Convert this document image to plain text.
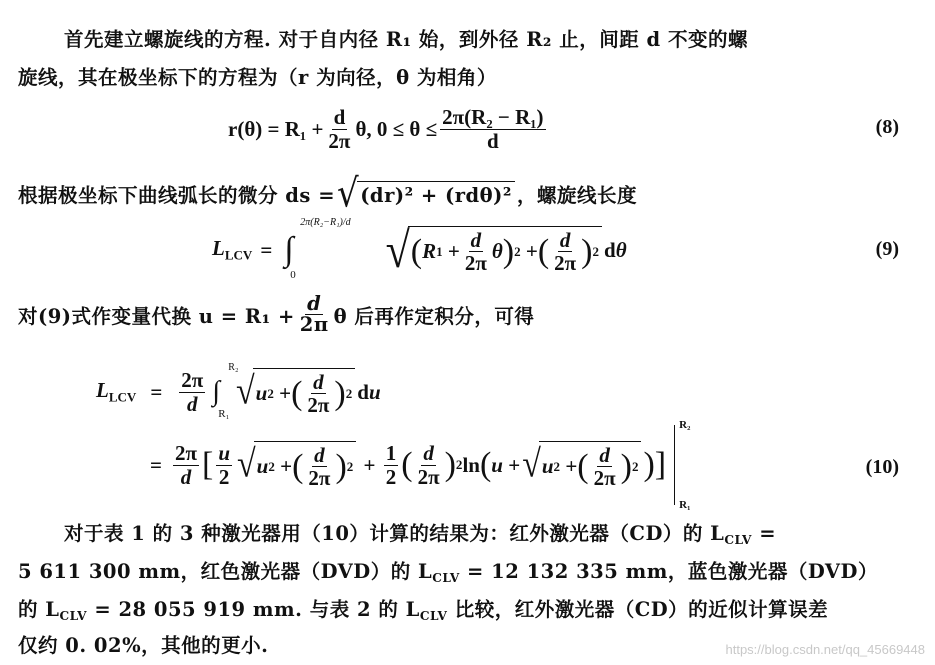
首先建立螺旋线的方程. 对于自内径 R₁ 始，到外径 R₂ 止，间距 d 不变的螺
旋线，其在极坐标下的方程为（r 为向径，θ 为相角）
$r(\theta) = R_1 + \frac{d}{2\pi} \theta$, $0 \le \theta \le \frac{\text{2π(R₂ − R₁)}}{d}$	(8)
根据极坐标下曲线弧长的微分 ds = √ (dr)² + (rdθ)² ，螺旋线长度
$L_{LCV}$ = ∫
2π(R₂−R₁)/d
0 √ ( R $1 + \frac{d}{2\pi}$ θ ) 2 + ( $\frac{d}{2\pi}$ ) 2 dθ	(9)
对(9)式作变量代换 $u = R_1 + \frac{d}{2\pi}$ θ 后再作定积分，可得
$L_{LCV} = \frac{2\pi}{d}$ ∫
R₂
R₁
√ u 2 + ( $\frac{d}{2\pi}$ ) 2 du
= $\frac{2\pi}{d}$ [ $\frac{u}{2}$ √ u 2 + ( $\frac{d}{2\pi}$ ) $2 + \frac{1}{2}$ ( $\frac{d}{2\pi}$ ) 2 ln ( u + √ u 2 + ( $\frac{d}{2\pi}$ ) 2 ) ]
R₂
R₁
(10)
对于表 1 的 3 种激光器用（10）计算的结果为：红外激光器（CD）的 $L_{CLV}$ =
5 611 300 mm，红色激光器（DVD）的 $L_{CLV} = 12$ 132 335 mm，蓝色激光器（DVD）
的 $L_{CLV} = 28$ 055 919 mm. 与表 2 的 $L_{CLV}$ 比较，红外激光器（CD）的近似计算误差
仅约 0. 02%，其他的更小.	https://blog.csdn.net/qq_45669448
